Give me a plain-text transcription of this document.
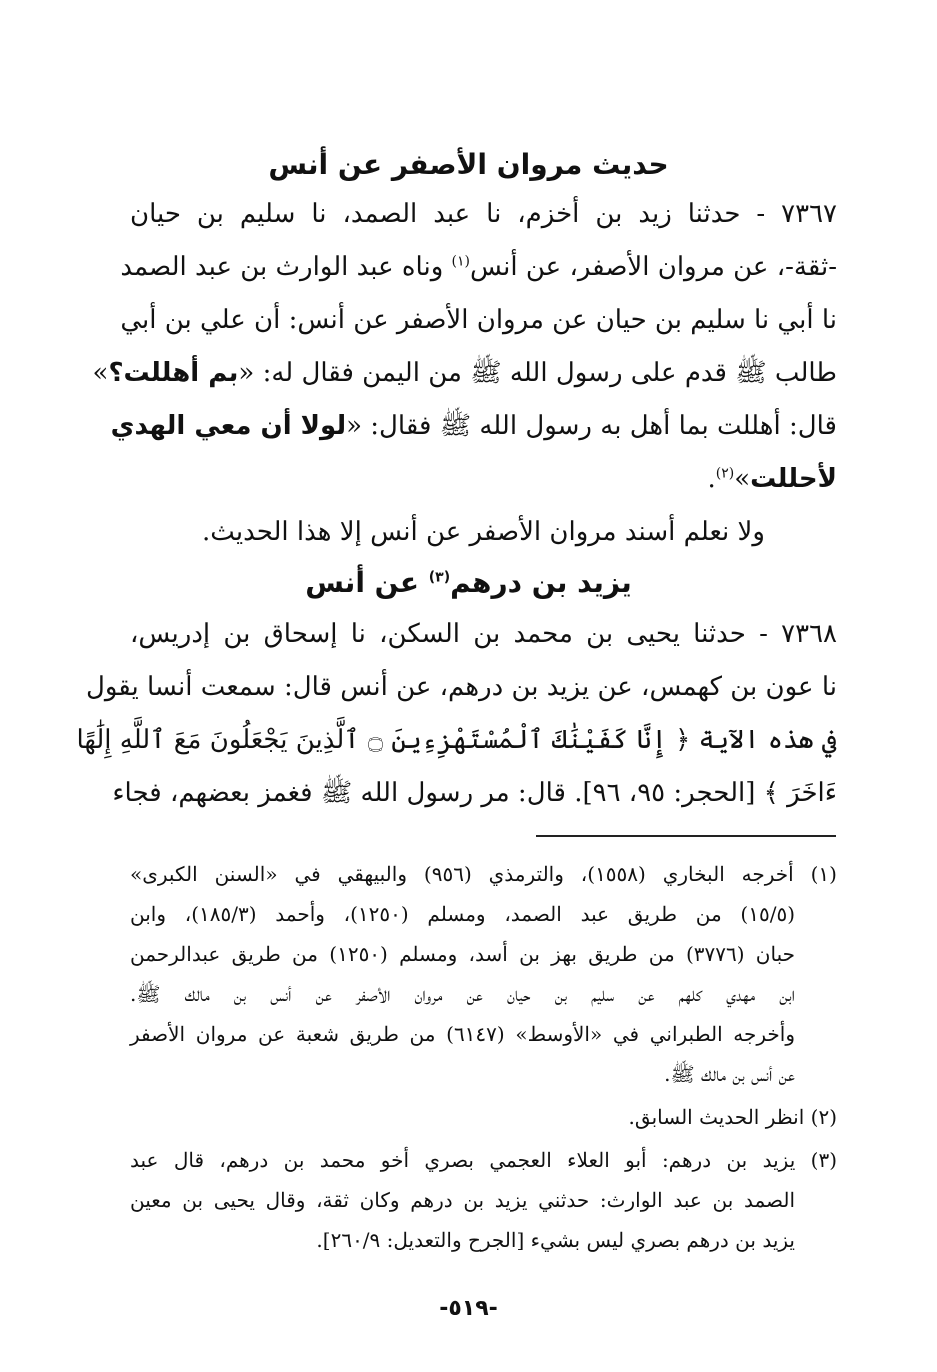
حديث مروان الأصفر عن أنس
٧٣٦٧ - حدثنا زيد بن أخزم، نا عبد الصمد، نا سليم بن حيان
-ثقة-، عن مروان الأصفر، عن أنس$^{(١)}$ وناه عبد الوارث بن عبد الصمد
نا أبي نا سليم بن حيان عن مروان الأصفر عن أنس: أن علي بن أبي
طالب ﷺ قدم على رسول الله ﷺ من اليمن فقال له: «بم أهللت؟»
قال: أهللت بما أهل به رسول الله ﷺ فقال: «لولا أن معي الهدي
لأحللت»$^{(٢)}$.
ولا نعلم أسند مروان الأصفر عن أنس إلا هذا الحديث.
يزيد بن درهم$^{(٣)}$ عن أنس
٧٣٦٨ - حدثنا يحيى بن محمد بن السكن، نا إسحاق بن إدريس،
نا عون بن كهمس، عن يزيد بن درهم، عن أنس قال: سمعت أنسا يقول
في هذه الآية ﴿ إِنَّا كَفَيْنَٰكَ ٱلْمُسْتَهْزِءِينَ ۝ ٱلَّذِينَ يَجْعَلُونَ مَعَ ٱللَّهِ إِلَٰهًا
ءَاخَرَ ﴾ [الحجر: ٩٥، ٩٦]. قال: مر رسول الله ﷺ فغمز بعضهم، فجاء
(١) أخرجه البخاري (١٥٥٨)، والترمذي (٩٥٦) والبيهقي في «السنن الكبرى»
(١٥/٥) من طريق عبد الصمد، ومسلم (١٢٥٠)، وأحمد (١٨٥/٣)، وابن
حبان (٣٧٧٦) من طريق بهز بن أسد، ومسلم (١٢٥٠) من طريق عبدالرحمن
ابن مهدي كلهم عن سليم بن حيان عن مروان الأصفر عن أنس بن مالك ﷺ.
وأخرجه الطبراني في «الأوسط» (٦١٤٧) من طريق شعبة عن مروان الأصفر
عن أنس بن مالك ﷺ.
(٢) انظر الحديث السابق.
(٣) يزيد بن درهم: أبو العلاء العجمي بصري أخو محمد بن درهم، قال عبد
الصمد بن عبد الوارث: حدثني يزيد بن درهم وكان ثقة، وقال يحيى بن معين
يزيد بن درهم بصري ليس بشيء [الجرح والتعديل: ٢٦٠/٩].
-٥١٩-
